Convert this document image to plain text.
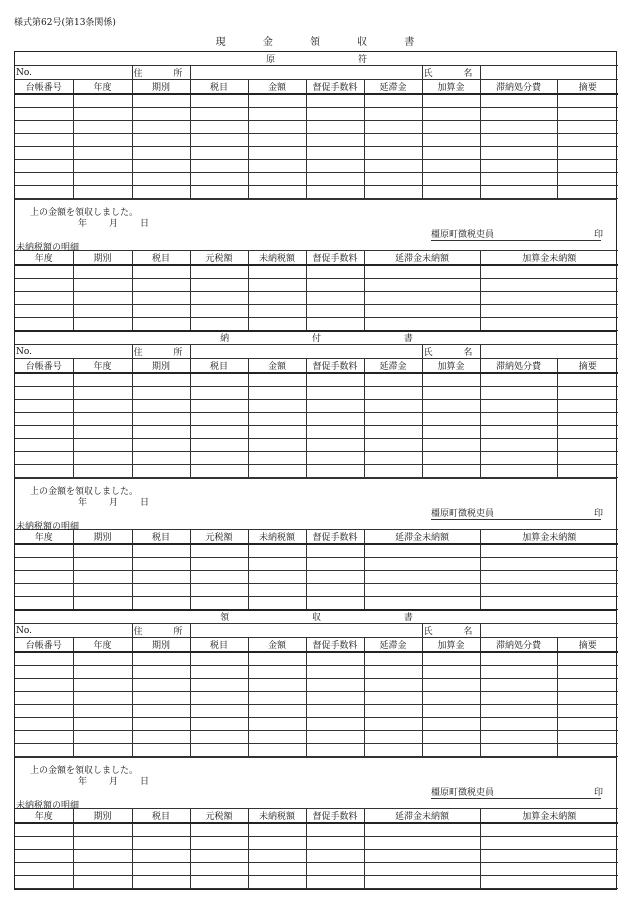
様式第62号(第13条関係)
現 金 領 収 書
原 符									
No.		住 所					氏 名		
台帳番号	年度	期別	税目	金額	督促手数料	延滞金	加算金	滞納処分費	摘要

上の金額を領収しました。
年 月 日
橿原町徴税吏員	印
未納税額の明細
年度	期別	税目	元税額	未納税額	督促手数料	延滞金未納額	加算金未納額

納 付 書									
No.		住 所					氏 名		
台帳番号	年度	期別	税目	金額	督促手数料	延滞金	加算金	滞納処分費	摘要

上の金額を領収しました。
年 月 日
橿原町徴税吏員	印
未納税額の明細
年度	期別	税目	元税額	未納税額	督促手数料	延滞金未納額	加算金未納額

領 収 書									
No.		住 所					氏 名		
台帳番号	年度	期別	税目	金額	督促手数料	延滞金	加算金	滞納処分費	摘要

上の金額を領収しました。
年 月 日
橿原町徴税吏員	印
未納税額の明細
年度	期別	税目	元税額	未納税額	督促手数料	延滞金未納額	加算金未納額
